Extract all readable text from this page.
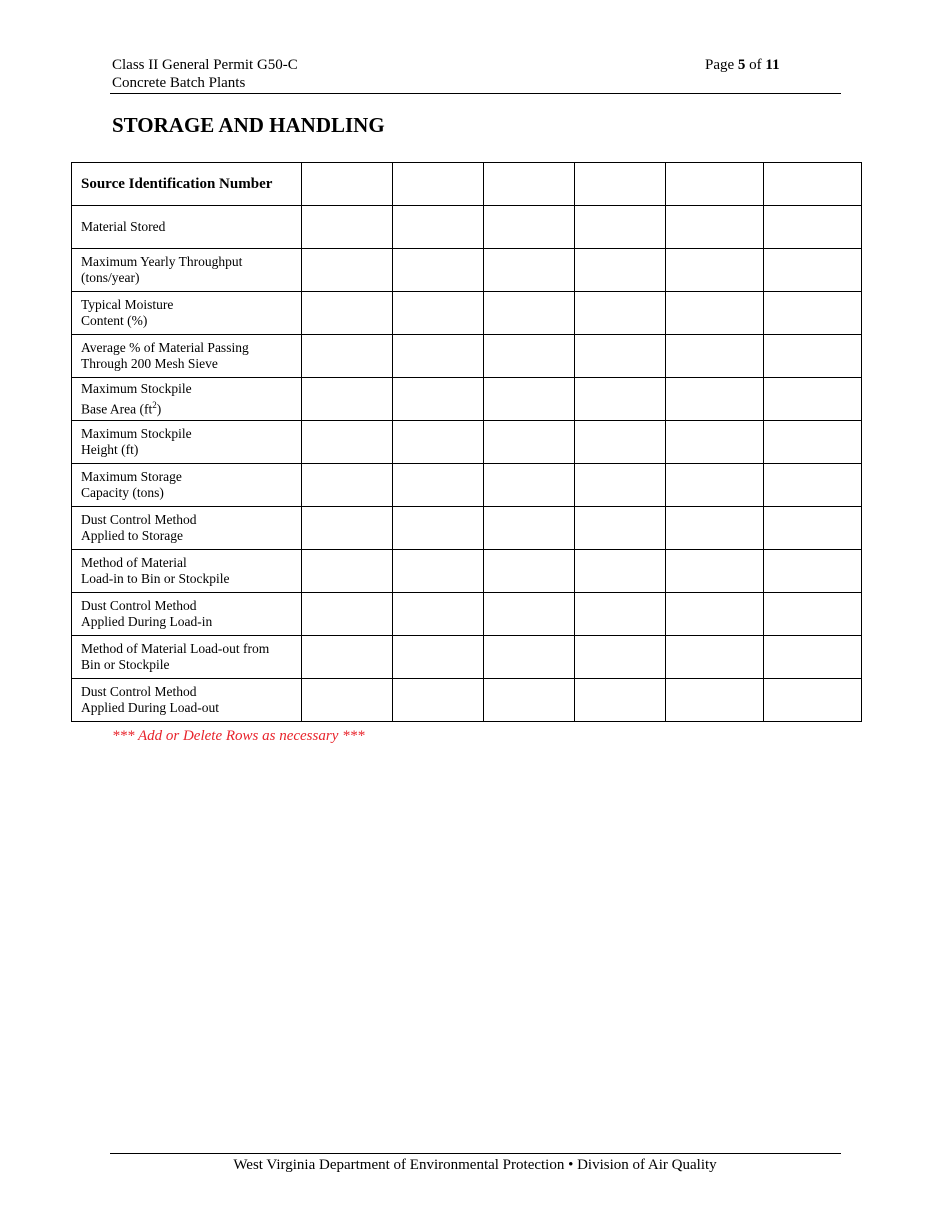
Class II General Permit G50-C
Concrete Batch Plants
Page 5 of 11
STORAGE AND HANDLING
Source Identification Number						

Material Stored						

Maximum Yearly Throughput
(tons/year)						

Typical Moisture
Content (%)						

Average % of Material Passing
Through 200 Mesh Sieve						

Maximum Stockpile
Base Area $(ft^2)$						

Maximum Stockpile
Height (ft)						

Maximum Storage
Capacity (tons)						

Dust Control Method
Applied to Storage						

Method of Material
Load-in to Bin or Stockpile						

Dust Control Method
Applied During Load-in						

Method of Material Load-out from
Bin or Stockpile						

Dust Control Method
Applied During Load-out						

*** Add or Delete Rows as necessary ***
West Virginia Department of Environmental Protection • Division of Air Quality
